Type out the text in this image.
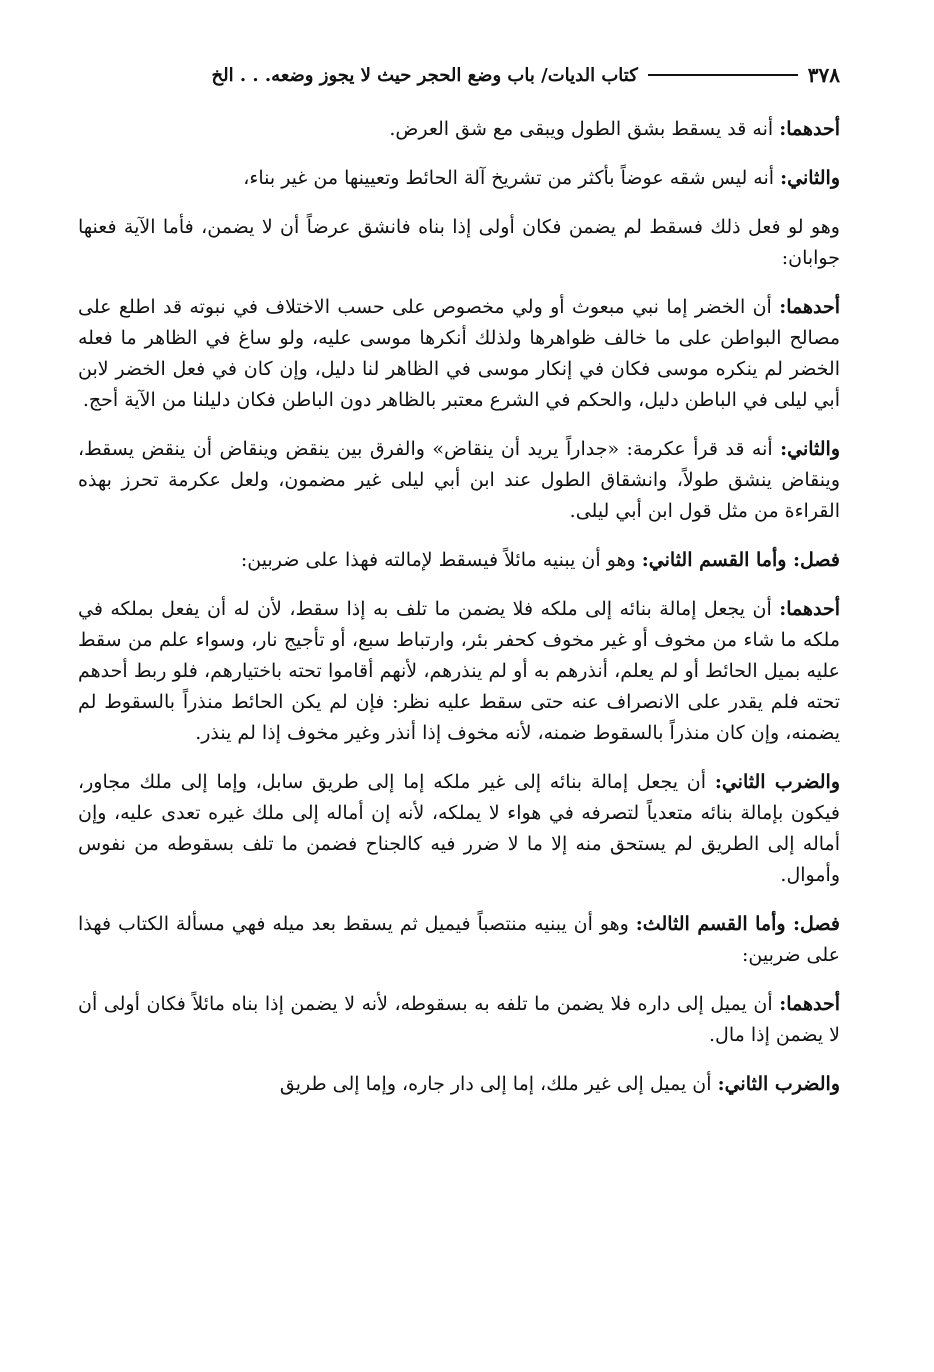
٣٧٨
كتاب الديات/ باب وضع الحجر حيث لا يجوز وضعه. . . الخ

أحدهما: أنه قد يسقط بشق الطول ويبقى مع شق العرض.

والثاني: أنه ليس شقه عوضاً بأكثر من تشريخ آلة الحائط وتعيينها من غير بناء،

وهو لو فعل ذلك فسقط لم يضمن فكان أولى إذا بناه فانشق عرضاً أن لا يضمن، فأما الآية فعنها جوابان:

أحدهما: أن الخضر إما نبي مبعوث أو ولي مخصوص على حسب الاختلاف في نبوته قد اطلع على مصالح البواطن على ما خالف ظواهرها ولذلك أنكرها موسى عليه، ولو ساغ في الظاهر ما فعله الخضر لم ينكره موسى فكان في إنكار موسى في الظاهر لنا دليل، وإن كان في فعل الخضر لابن أبي ليلى في الباطن دليل، والحكم في الشرع معتبر بالظاهر دون الباطن فكان دليلنا من الآية أحج.

والثاني: أنه قد قرأ عكرمة: «جداراً يريد أن ينقاض» والفرق بين ينقض وينقاض أن ينقض يسقط، وينقاض ينشق طولاً، وانشقاق الطول عند ابن أبي ليلى غير مضمون، ولعل عكرمة تحرز بهذه القراءة من مثل قول ابن أبي ليلى.

فصل: وأما القسم الثاني: وهو أن يبنيه مائلاً فيسقط لإمالته فهذا على ضربين:

أحدهما: أن يجعل إمالة بنائه إلى ملكه فلا يضمن ما تلف به إذا سقط، لأن له أن يفعل بملكه في ملكه ما شاء من مخوف أو غير مخوف كحفر بئر، وارتباط سبع، أو تأجيج نار، وسواء علم من سقط عليه بميل الحائط أو لم يعلم، أنذرهم به أو لم ينذرهم، لأنهم أقاموا تحته باختيارهم، فلو ربط أحدهم تحته فلم يقدر على الانصراف عنه حتى سقط عليه نظر: فإن لم يكن الحائط منذراً بالسقوط لم يضمنه، وإن كان منذراً بالسقوط ضمنه، لأنه مخوف إذا أنذر وغير مخوف إذا لم ينذر.

والضرب الثاني: أن يجعل إمالة بنائه إلى غير ملكه إما إلى طريق سابل، وإما إلى ملك مجاور، فيكون بإمالة بنائه متعدياً لتصرفه في هواء لا يملكه، لأنه إن أماله إلى ملك غيره تعدى عليه، وإن أماله إلى الطريق لم يستحق منه إلا ما لا ضرر فيه كالجناح فضمن ما تلف بسقوطه من نفوس وأموال.

فصل: وأما القسم الثالث: وهو أن يبنيه منتصباً فيميل ثم يسقط بعد ميله فهي مسألة الكتاب فهذا على ضربين:

أحدهما: أن يميل إلى داره فلا يضمن ما تلفه به بسقوطه، لأنه لا يضمن إذا بناه مائلاً فكان أولى أن لا يضمن إذا مال.

والضرب الثاني: أن يميل إلى غير ملك، إما إلى دار جاره، وإما إلى طريق
